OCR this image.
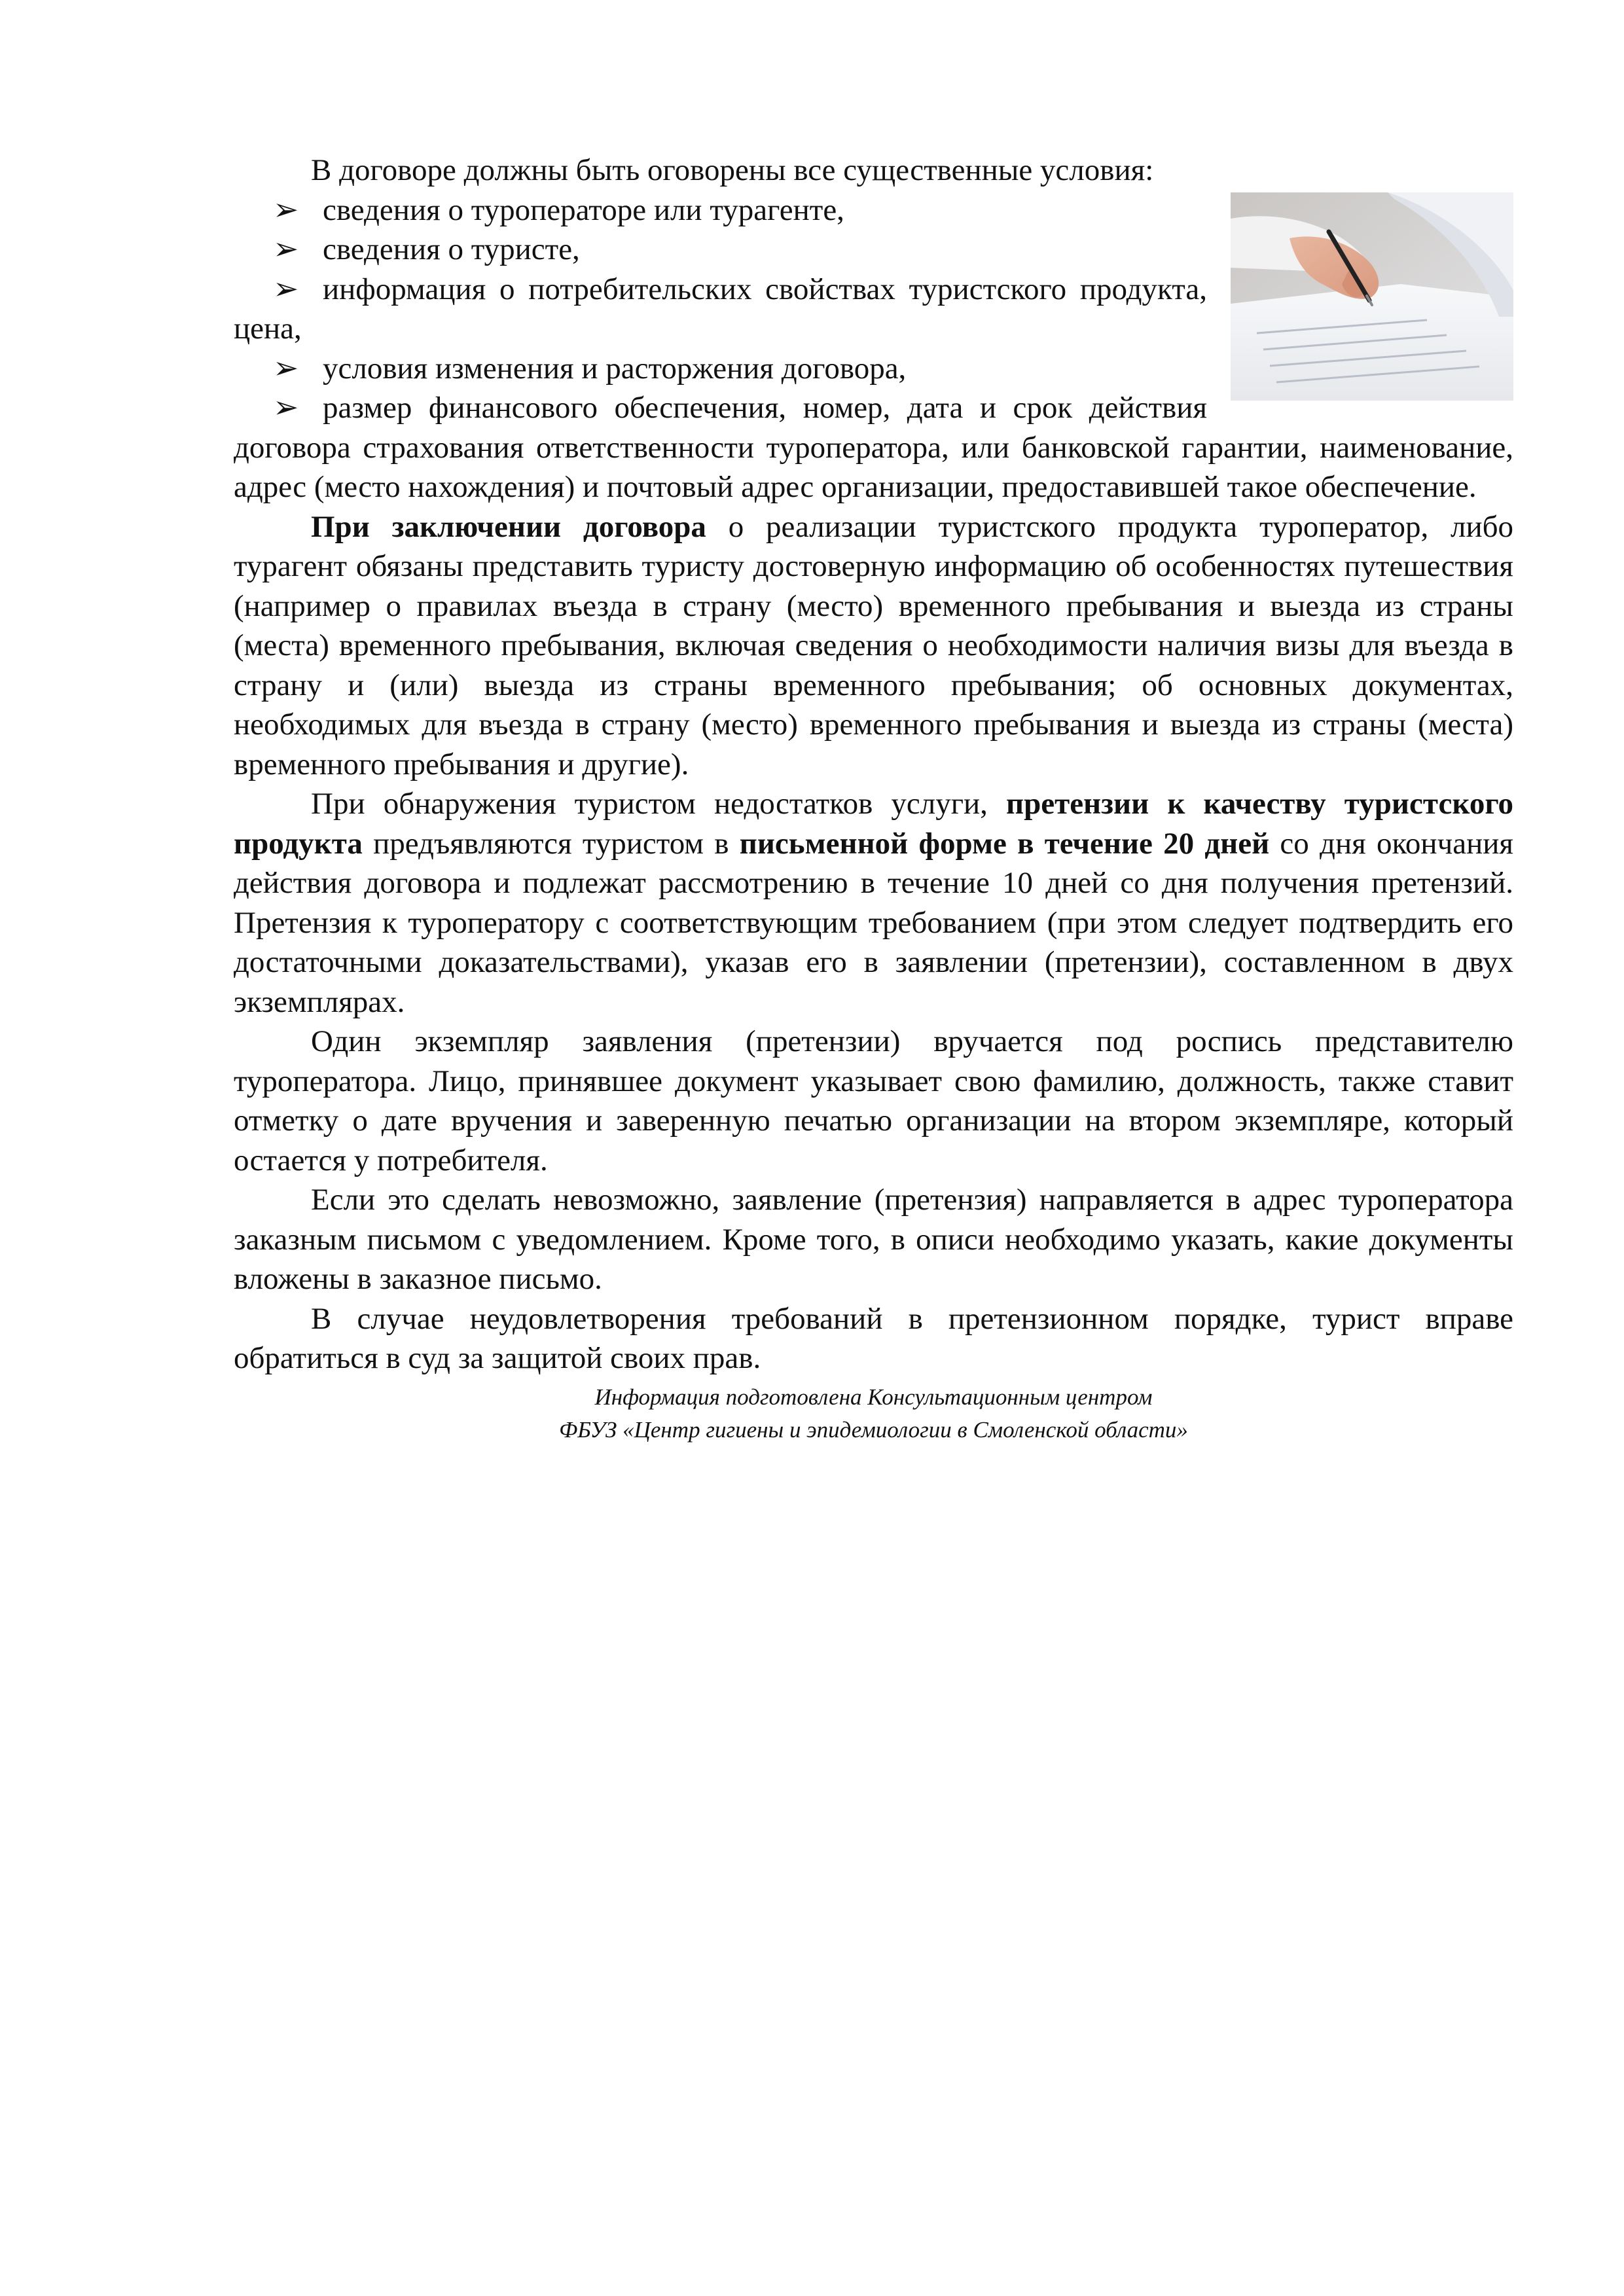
В договоре должны быть оговорены все существенные условия:

➢ сведения о туроператоре или турагенте,
➢ сведения о туристе,

➢ информация о потребительских свойствах туристского продукта, цена,

➢ условия изменения и расторжения договора,

➢ размер финансового обеспечения, номер, дата и срок действия договора страхования ответственности туроператора, или банковской гарантии, наименование, адрес (место нахождения) и почтовый адрес организации, предоставившей такое обеспечение.

При заключении договора о реализации туристского продукта туроператор, либо турагент обязаны представить туристу достоверную информацию об особенностях путешествия (например о правилах въезда в страну (место) временного пребывания и выезда из страны (места) временного пребывания, включая сведения о необходимости наличия визы для въезда в страну и (или) выезда из страны временного пребывания; об основных документах, необходимых для въезда в страну (место) временного пребывания и выезда из страны (места) временного пребывания и другие).

При обнаружения туристом недостатков услуги, претензии к качеству туристского продукта предъявляются туристом в письменной форме в течение 20 дней со дня окончания действия договора и подлежат рассмотрению в течение 10 дней со дня получения претензий. Претензия к туроператору с соответствующим требованием (при этом следует подтвердить его достаточными доказательствами), указав его в заявлении (претензии), составленном в двух экземплярах.

Один экземпляр заявления (претензии) вручается под роспись представителю туроператора. Лицо, принявшее документ указывает свою фамилию, должность, также ставит отметку о дате вручения и заверенную печатью организации на втором экземпляре, который остается у потребителя.

Если это сделать невозможно, заявление (претензия) направляется в адрес туроператора заказным письмом с уведомлением. Кроме того, в описи необходимо указать, какие документы вложены в заказное письмо.

В случае неудовлетворения требований в претензионном порядке, турист вправе обратиться в суд за защитой своих прав.

Информация подготовлена Консультационным центром
ФБУЗ «Центр гигиены и эпидемиологии в Смоленской области»
